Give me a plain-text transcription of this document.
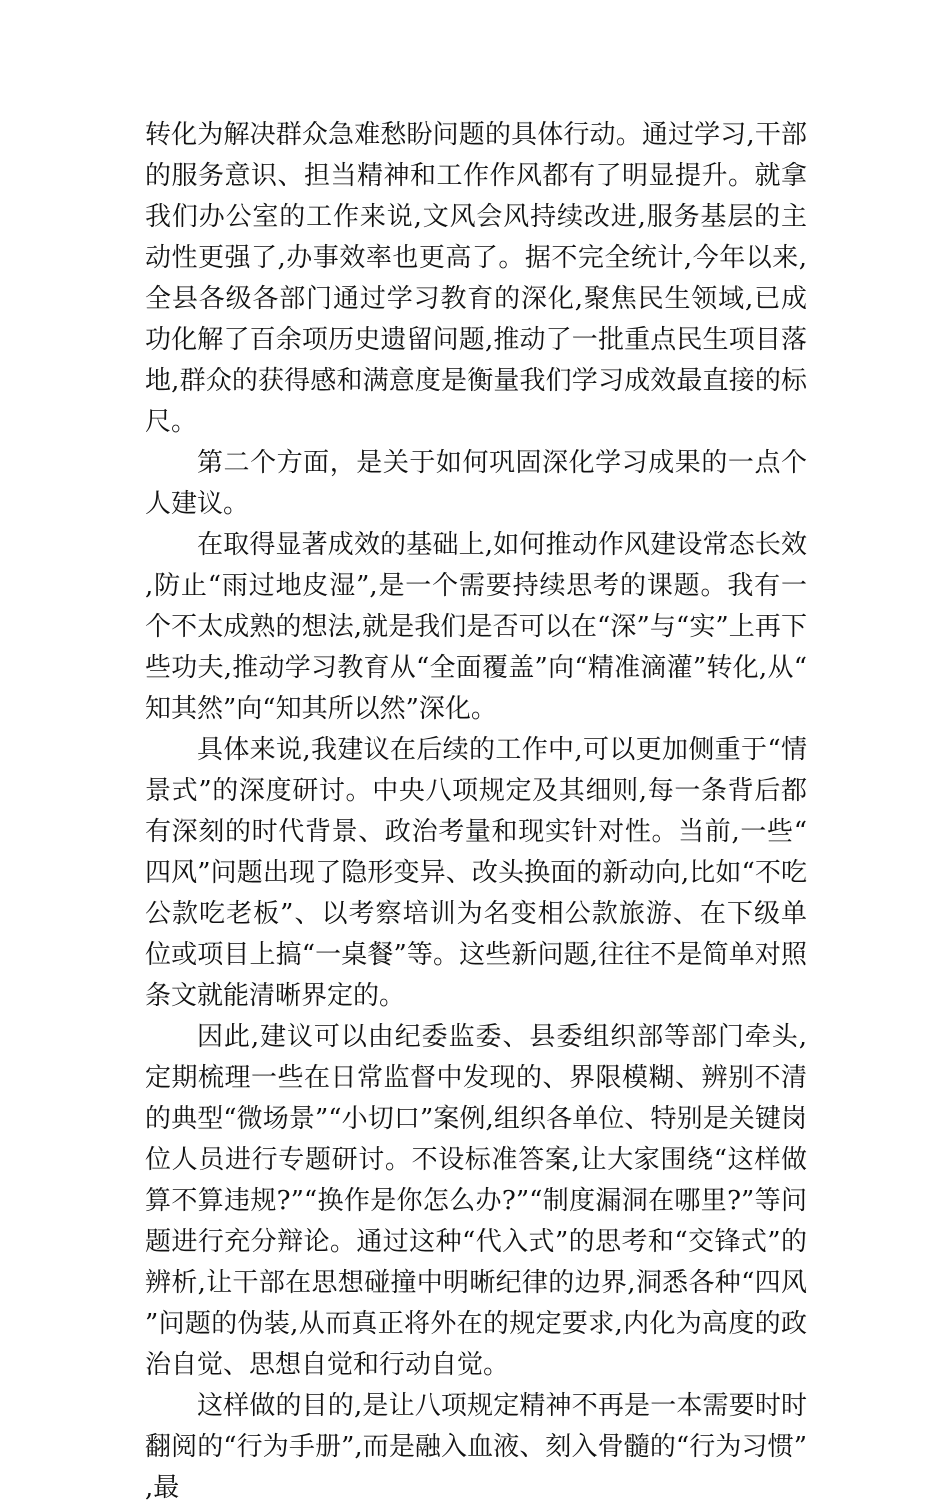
转化为解决群众急难愁盼问题的具体行动。通过学习,干部的服务意识、担当精神和工作作风都有了明显提升。就拿我们办公室的工作来说,文风会风持续改进,服务基层的主动性更强了,办事效率也更高了。据不完全统计,今年以来,全县各级各部门通过学习教育的深化,聚焦民生领域,已成功化解了百余项历史遗留问题,推动了一批重点民生项目落地,群众的获得感和满意度是衡量我们学习成效最直接的标尺。

第二个方面，是关于如何巩固深化学习成果的一点个人建议。

在取得显著成效的基础上,如何推动作风建设常态长效,防止“雨过地皮湿”,是一个需要持续思考的课题。我有一个不太成熟的想法,就是我们是否可以在“深”与“实”上再下些功夫,推动学习教育从“全面覆盖”向“精准滴灌”转化,从“知其然”向“知其所以然”深化。

具体来说,我建议在后续的工作中,可以更加侧重于“情景式”的深度研讨。中央八项规定及其细则,每一条背后都有深刻的时代背景、政治考量和现实针对性。当前,一些“四风”问题出现了隐形变异、改头换面的新动向,比如“不吃公款吃老板”、以考察培训为名变相公款旅游、在下级单位或项目上搞“一桌餐”等。这些新问题,往往不是简单对照条文就能清晰界定的。

因此,建议可以由纪委监委、县委组织部等部门牵头,定期梳理一些在日常监督中发现的、界限模糊、辨别不清的典型“微场景”“小切口”案例,组织各单位、特别是关键岗位人员进行专题研讨。不设标准答案,让大家围绕“这样做算不算违规?”“换作是你怎么办?”“制度漏洞在哪里?”等问题进行充分辩论。通过这种“代入式”的思考和“交锋式”的辨析,让干部在思想碰撞中明晰纪律的边界,洞悉各种“四风”问题的伪装,从而真正将外在的规定要求,内化为高度的政治自觉、思想自觉和行动自觉。

这样做的目的,是让八项规定精神不再是一本需要时时翻阅的“行为手册”,而是融入血液、刻入骨髓的“行为习惯”,最
